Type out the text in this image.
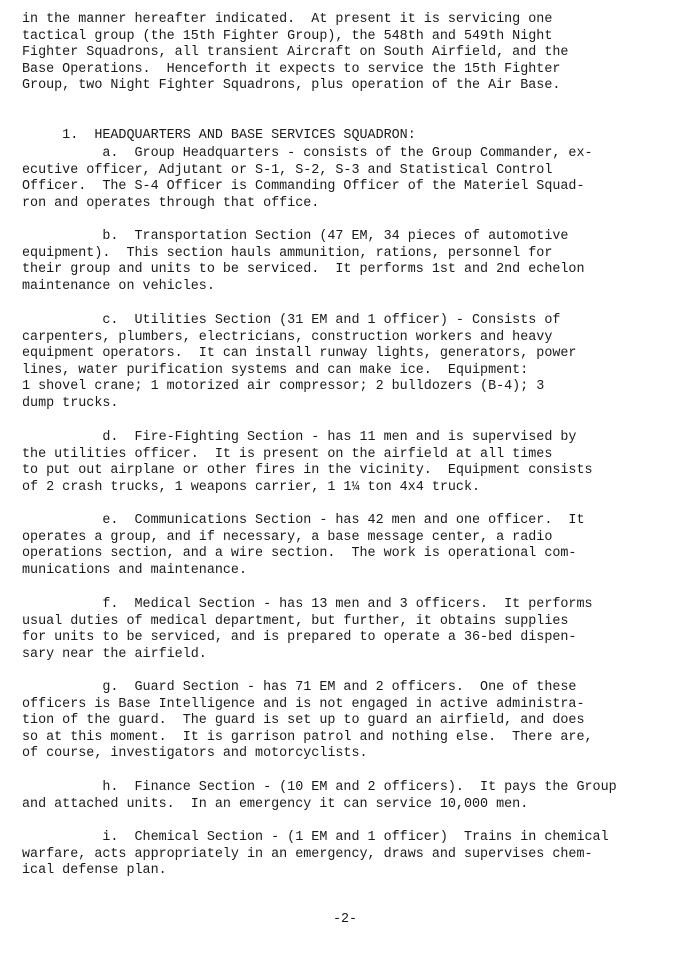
in the manner hereafter indicated.  At present it is servicing one
tactical group (the 15th Fighter Group), the 548th and 549th Night
Fighter Squadrons, all transient Aircraft on South Airfield, and the
Base Operations.  Henceforth it expects to service the 15th Fighter
Group, two Night Fighter Squadrons, plus operation of the Air Base.
1.  HEADQUARTERS AND BASE SERVICES SQUADRON:
a.  Group Headquarters - consists of the Group Commander, ex-
ecutive officer, Adjutant or S-1, S-2, S-3 and Statistical Control
Officer.  The S-4 Officer is Commanding Officer of the Materiel Squad-
ron and operates through that office.
b.  Transportation Section (47 EM, 34 pieces of automotive
equipment).  This section hauls ammunition, rations, personnel for
their group and units to be serviced.  It performs 1st and 2nd echelon
maintenance on vehicles.
c.  Utilities Section (31 EM and 1 officer) - Consists of
carpenters, plumbers, electricians, construction workers and heavy
equipment operators.  It can install runway lights, generators, power
lines, water purification systems and can make ice.  Equipment:
1 shovel crane; 1 motorized air compressor; 2 bulldozers (B-4); 3
dump trucks.
d.  Fire-Fighting Section - has 11 men and is supervised by
the utilities officer.  It is present on the airfield at all times
to put out airplane or other fires in the vicinity.  Equipment consists
of 2 crash trucks, 1 weapons carrier, 1 1¼ ton 4x4 truck.
e.  Communications Section - has 42 men and one officer.  It
operates a group, and if necessary, a base message center, a radio
operations section, and a wire section.  The work is operational com-
munications and maintenance.
f.  Medical Section - has 13 men and 3 officers.  It performs
usual duties of medical department, but further, it obtains supplies
for units to be serviced, and is prepared to operate a 36-bed dispen-
sary near the airfield.
g.  Guard Section - has 71 EM and 2 officers.  One of these
officers is Base Intelligence and is not engaged in active administra-
tion of the guard.  The guard is set up to guard an airfield, and does
so at this moment.  It is garrison patrol and nothing else.  There are,
of course, investigators and motorcyclists.
h.  Finance Section - (10 EM and 2 officers).  It pays the Group
and attached units.  In an emergency it can service 10,000 men.
i.  Chemical Section - (1 EM and 1 officer)  Trains in chemical
warfare, acts appropriately in an emergency, draws and supervises chem-
ical defense plan.
-2-
